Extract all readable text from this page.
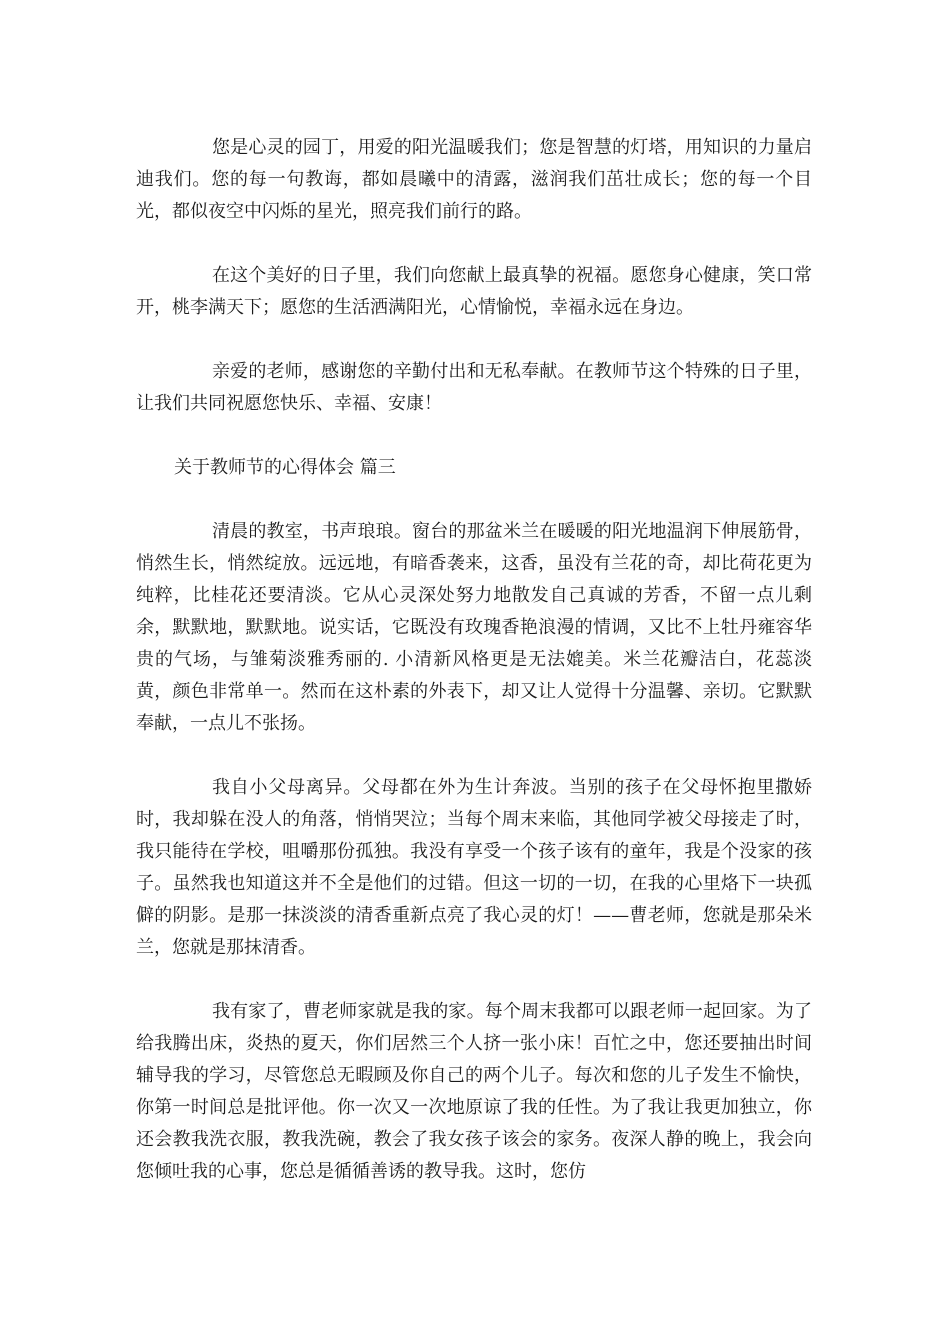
您是心灵的园丁，用爱的阳光温暖我们；您是智慧的灯塔，用知识的力量启迪我们。您的每一句教诲，都如晨曦中的清露，滋润我们茁壮成长；您的每一个目光，都似夜空中闪烁的星光，照亮我们前行的路。

在这个美好的日子里，我们向您献上最真挚的祝福。愿您身心健康，笑口常开，桃李满天下；愿您的生活洒满阳光，心情愉悦，幸福永远在身边。

亲爱的老师，感谢您的辛勤付出和无私奉献。在教师节这个特殊的日子里，让我们共同祝愿您快乐、幸福、安康！

关于教师节的心得体会 篇三

清晨的教室，书声琅琅。窗台的那盆米兰在暖暖的阳光地温润下伸展筋骨，悄然生长，悄然绽放。远远地，有暗香袭来，这香，虽没有兰花的奇，却比荷花更为纯粹，比桂花还要清淡。它从心灵深处努力地散发自己真诚的芳香，不留一点儿剩余，默默地，默默地。说实话，它既没有玫瑰香艳浪漫的情调，又比不上牡丹雍容华贵的气场，与雏菊淡雅秀丽的. 小清新风格更是无法媲美。米兰花瓣洁白，花蕊淡黄，颜色非常单一。然而在这朴素的外表下，却又让人觉得十分温馨、亲切。它默默奉献，一点儿不张扬。

我自小父母离异。父母都在外为生计奔波。当别的孩子在父母怀抱里撒娇时，我却躲在没人的角落，悄悄哭泣；当每个周末来临，其他同学被父母接走了时，我只能待在学校，咀嚼那份孤独。我没有享受一个孩子该有的童年，我是个没家的孩子。虽然我也知道这并不全是他们的过错。但这一切的一切，在我的心里烙下一块孤僻的阴影。是那一抹淡淡的清香重新点亮了我心灵的灯！——曹老师，您就是那朵米兰，您就是那抹清香。

我有家了，曹老师家就是我的家。每个周末我都可以跟老师一起回家。为了给我腾出床，炎热的夏天，你们居然三个人挤一张小床！百忙之中，您还要抽出时间辅导我的学习，尽管您总无暇顾及你自己的两个儿子。每次和您的儿子发生不愉快，你第一时间总是批评他。你一次又一次地原谅了我的任性。为了我让我更加独立，你还会教我洗衣服，教我洗碗，教会了我女孩子该会的家务。夜深人静的晚上，我会向您倾吐我的心事，您总是循循善诱的教导我。这时，您仿
